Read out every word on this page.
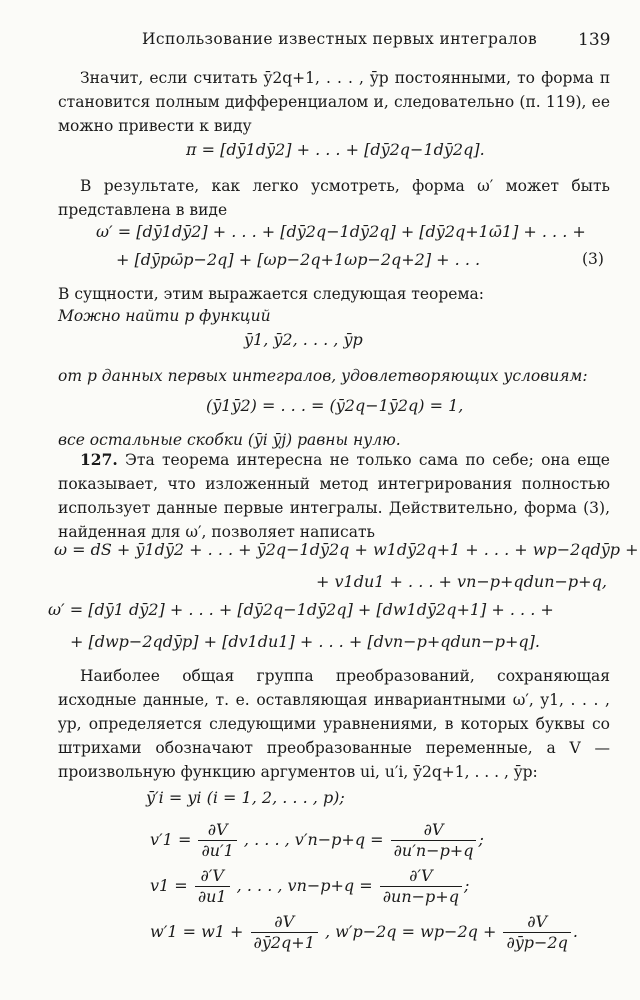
Использование известных первых интегралов 139
Значит, если считать ȳ2q+1, . . . , ȳp постоянными, то форма π становится полным дифференциалом и, следовательно (п. 119), ее можно привести к виду
π = [dȳ1dȳ2] + . . . + [dȳ2q−1dȳ2q].
В результате, как легко усмотреть, форма ω′ может быть представлена в виде
ω′ = [dȳ1dȳ2] + . . . + [dȳ2q−1dȳ2q] + [dȳ2q+1ω̄1] + . . . +
+ [dȳpω̄p−2q] + [ωp−2q+1ωp−2q+2] + . . .	(3)
В сущности, этим выражается следующая теорема:
Можно найти p функций
ȳ1, ȳ2, . . . , ȳp
от p данных первых интегралов, удовлетворяющих условиям:
(ȳ1ȳ2) = . . . = (ȳ2q−1ȳ2q) = 1,
все остальные скобки (ȳi ȳj) равны нулю.
127. Эта теорема интересна не только сама по себе; она еще показывает, что изложенный метод интегрирования полностью использует данные первые интегралы. Действительно, форма (3), найденная для ω′, позволяет написать
ω = dS + ȳ1dȳ2 + . . . + ȳ2q−1dȳ2q + w1dȳ2q+1 + . . . + wp−2qdȳp +
+ v1du1 + . . . + vn−p+qdun−p+q,
ω′ = [dȳ1 dȳ2] + . . . + [dȳ2q−1dȳ2q] + [dw1dȳ2q+1] + . . . +
+ [dwp−2qdȳp] + [dv1du1] + . . . + [dvn−p+qdun−p+q].
Наиболее общая группа преобразований, сохраняющая исходные данные, т. е. оставляющая инвариантными ω′, y1, . . . , yp, определяется следующими уравнениями, в которых буквы со штрихами обозначают преобразованные переменные, а V — произвольную функцию аргументов ui, u′i, ȳ2q+1, . . . , ȳp:
ȳ′i = yi (i = 1, 2, . . . , p);
$v'1 = \frac{\partial V}{\partial u'1}$ , . . . , $v'n-p+q = \frac{\partial V}{\partial u'n-p+q}$ ;
$v1 = \frac{\partial'V}{\partial u1}$ , . . . , $vn-p+q = \frac{\partial'V}{\partial un-p+q}$ ;
$w'1 = w1 + \frac{\partial V}{\partial ȳ2q+1}$ , $w'p-2q = wp-2q + \frac{\partial V}{\partial ȳp-2q}$ .
